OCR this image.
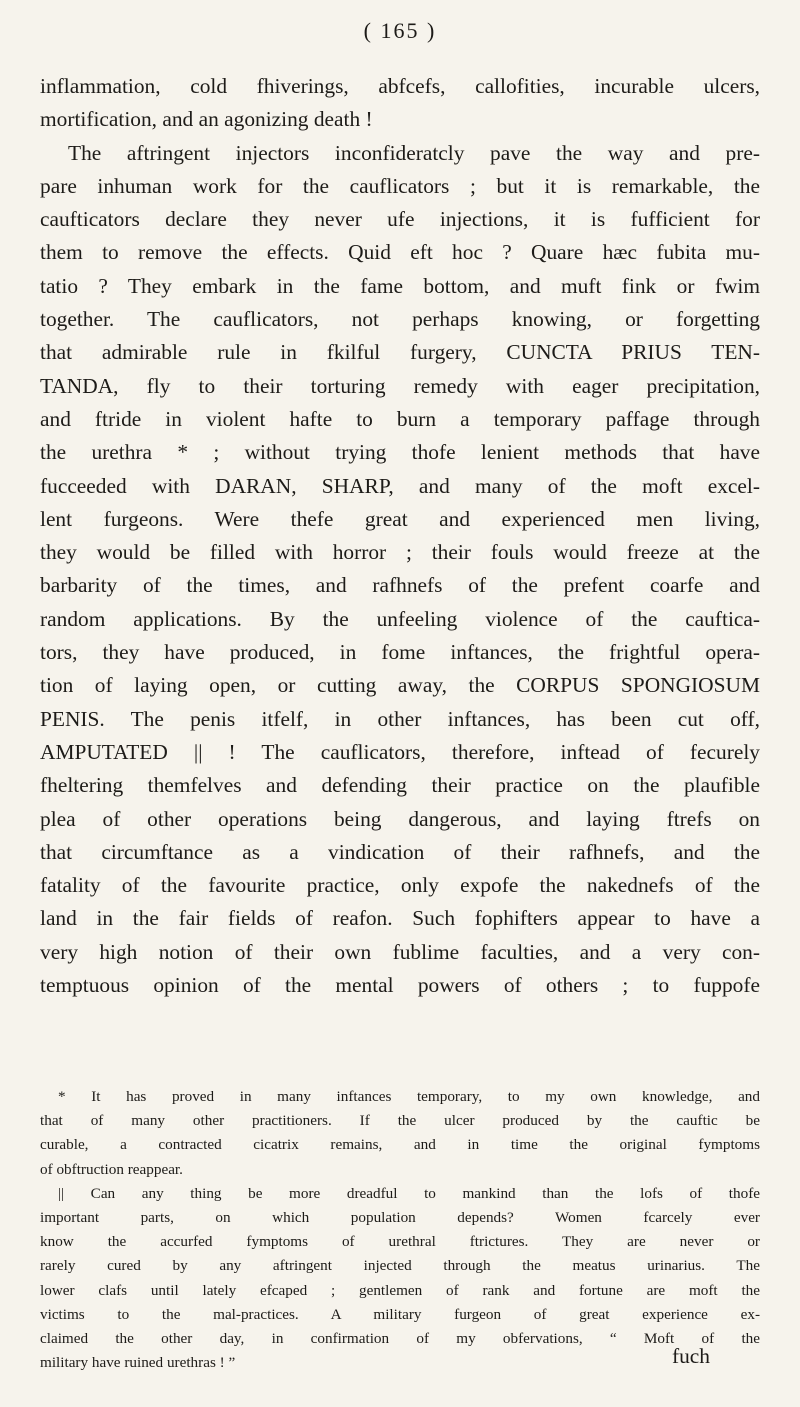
( 165 )
inflammation, cold fhiverings, abfcefs, callofities, incurable ulcers,
mortification, and an agonizing death !
The aftringent injectors inconfideratcly pave the way and pre-
pare inhuman work for the cauflicators ; but it is remarkable, the
caufticators declare they never ufe injections, it is fufficient for
them to remove the effects. Quid eft hoc ? Quare hæc fubita mu-
tatio ? They embark in the fame bottom, and muft fink or fwim
together. The cauflicators, not perhaps knowing, or forgetting
that admirable rule in fkilful furgery, CUNCTA PRIUS TEN-
TANDA, fly to their torturing remedy with eager precipitation,
and ftride in violent hafte to burn a temporary paffage through
the urethra * ; without trying thofe lenient methods that have
fucceeded with DARAN, SHARP, and many of the moft excel-
lent furgeons. Were thefe great and experienced men living,
they would be filled with horror ; their fouls would freeze at the
barbarity of the times, and rafhnefs of the prefent coarfe and
random applications. By the unfeeling violence of the cauftica-
tors, they have produced, in fome inftances, the frightful opera-
tion of laying open, or cutting away, the CORPUS SPONGIOSUM
PENIS. The penis itfelf, in other inftances, has been cut off,
AMPUTATED || ! The cauflicators, therefore, inftead of fecurely
fheltering themfelves and defending their practice on the plaufible
plea of other operations being dangerous, and laying ftrefs on
that circumftance as a vindication of their rafhnefs, and the
fatality of the favourite practice, only expofe the nakednefs of the
land in the fair fields of reafon. Such fophifters appear to have a
very high notion of their own fublime faculties, and a very con-
temptuous opinion of the mental powers of others ; to fuppofe
* It has proved in many inftances temporary, to my own knowledge, and
that of many other practitioners. If the ulcer produced by the cauftic be
curable, a contracted cicatrix remains, and in time the original fymptoms
of obftruction reappear.
|| Can any thing be more dreadful to mankind than the lofs of thofe
important parts, on which population depends? Women fcarcely ever
know the accurfed fymptoms of urethral ftrictures. They are never or
rarely cured by any aftringent injected through the meatus urinarius. The
lower clafs until lately efcaped ; gentlemen of rank and fortune are moft the
victims to the mal-practices. A military furgeon of great experience ex-
claimed the other day, in confirmation of my obfervations, “ Moft of the
military have ruined urethras ! ”	fuch
